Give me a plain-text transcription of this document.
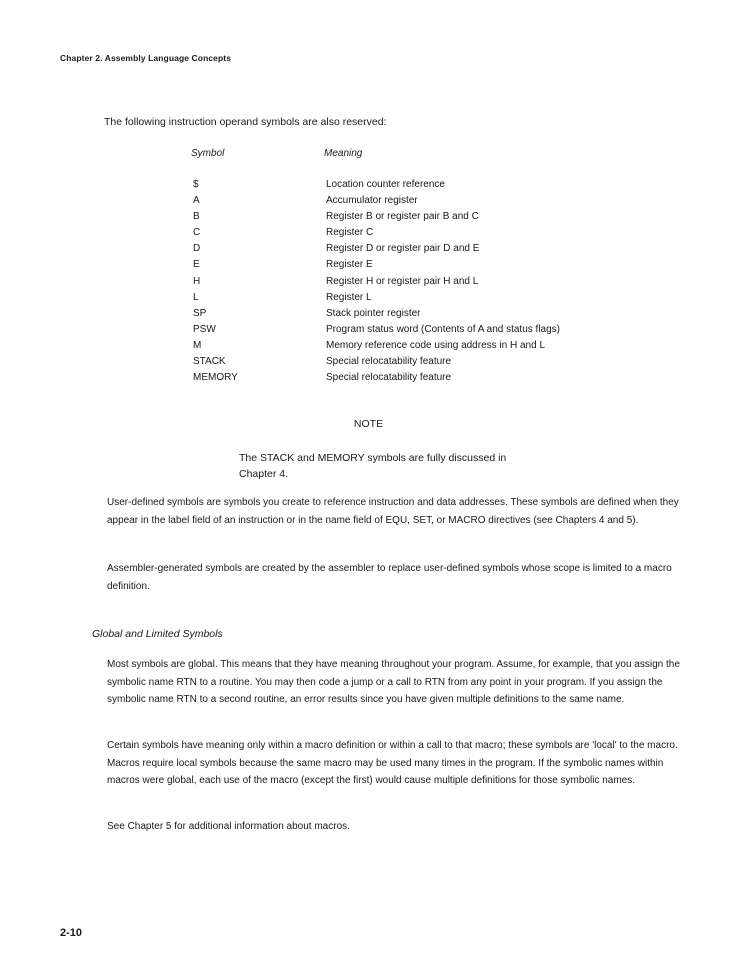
Chapter 2. Assembly Language Concepts
The following instruction operand symbols are also reserved:
Symbol	Meaning
$	Location counter reference
A	Accumulator register
B	Register B or register pair B and C
C	Register C
D	Register D or register pair D and E
E	Register E
H	Register H or register pair H and L
L	Register L
SP	Stack pointer register
PSW	Program status word (Contents of A and status flags)
M	Memory reference code using address in H and L
STACK	Special relocatability feature
MEMORY	Special relocatability feature
NOTE
The STACK and MEMORY symbols are fully discussed in Chapter 4.
User-defined symbols are symbols you create to reference instruction and data addresses. These symbols are defined when they appear in the label field of an instruction or in the name field of EQU, SET, or MACRO directives (see Chapters 4 and 5).
Assembler-generated symbols are created by the assembler to replace user-defined symbols whose scope is limited to a macro definition.
Global and Limited Symbols
Most symbols are global. This means that they have meaning throughout your program. Assume, for example, that you assign the symbolic name RTN to a routine. You may then code a jump or a call to RTN from any point in your program. If you assign the symbolic name RTN to a second routine, an error results since you have given multiple definitions to the same name.
Certain symbols have meaning only within a macro definition or within a call to that macro; these symbols are 'local' to the macro. Macros require local symbols because the same macro may be used many times in the program. If the symbolic names within macros were global, each use of the macro (except the first) would cause multiple definitions for those symbolic names.
See Chapter 5 for additional information about macros.
2-10
